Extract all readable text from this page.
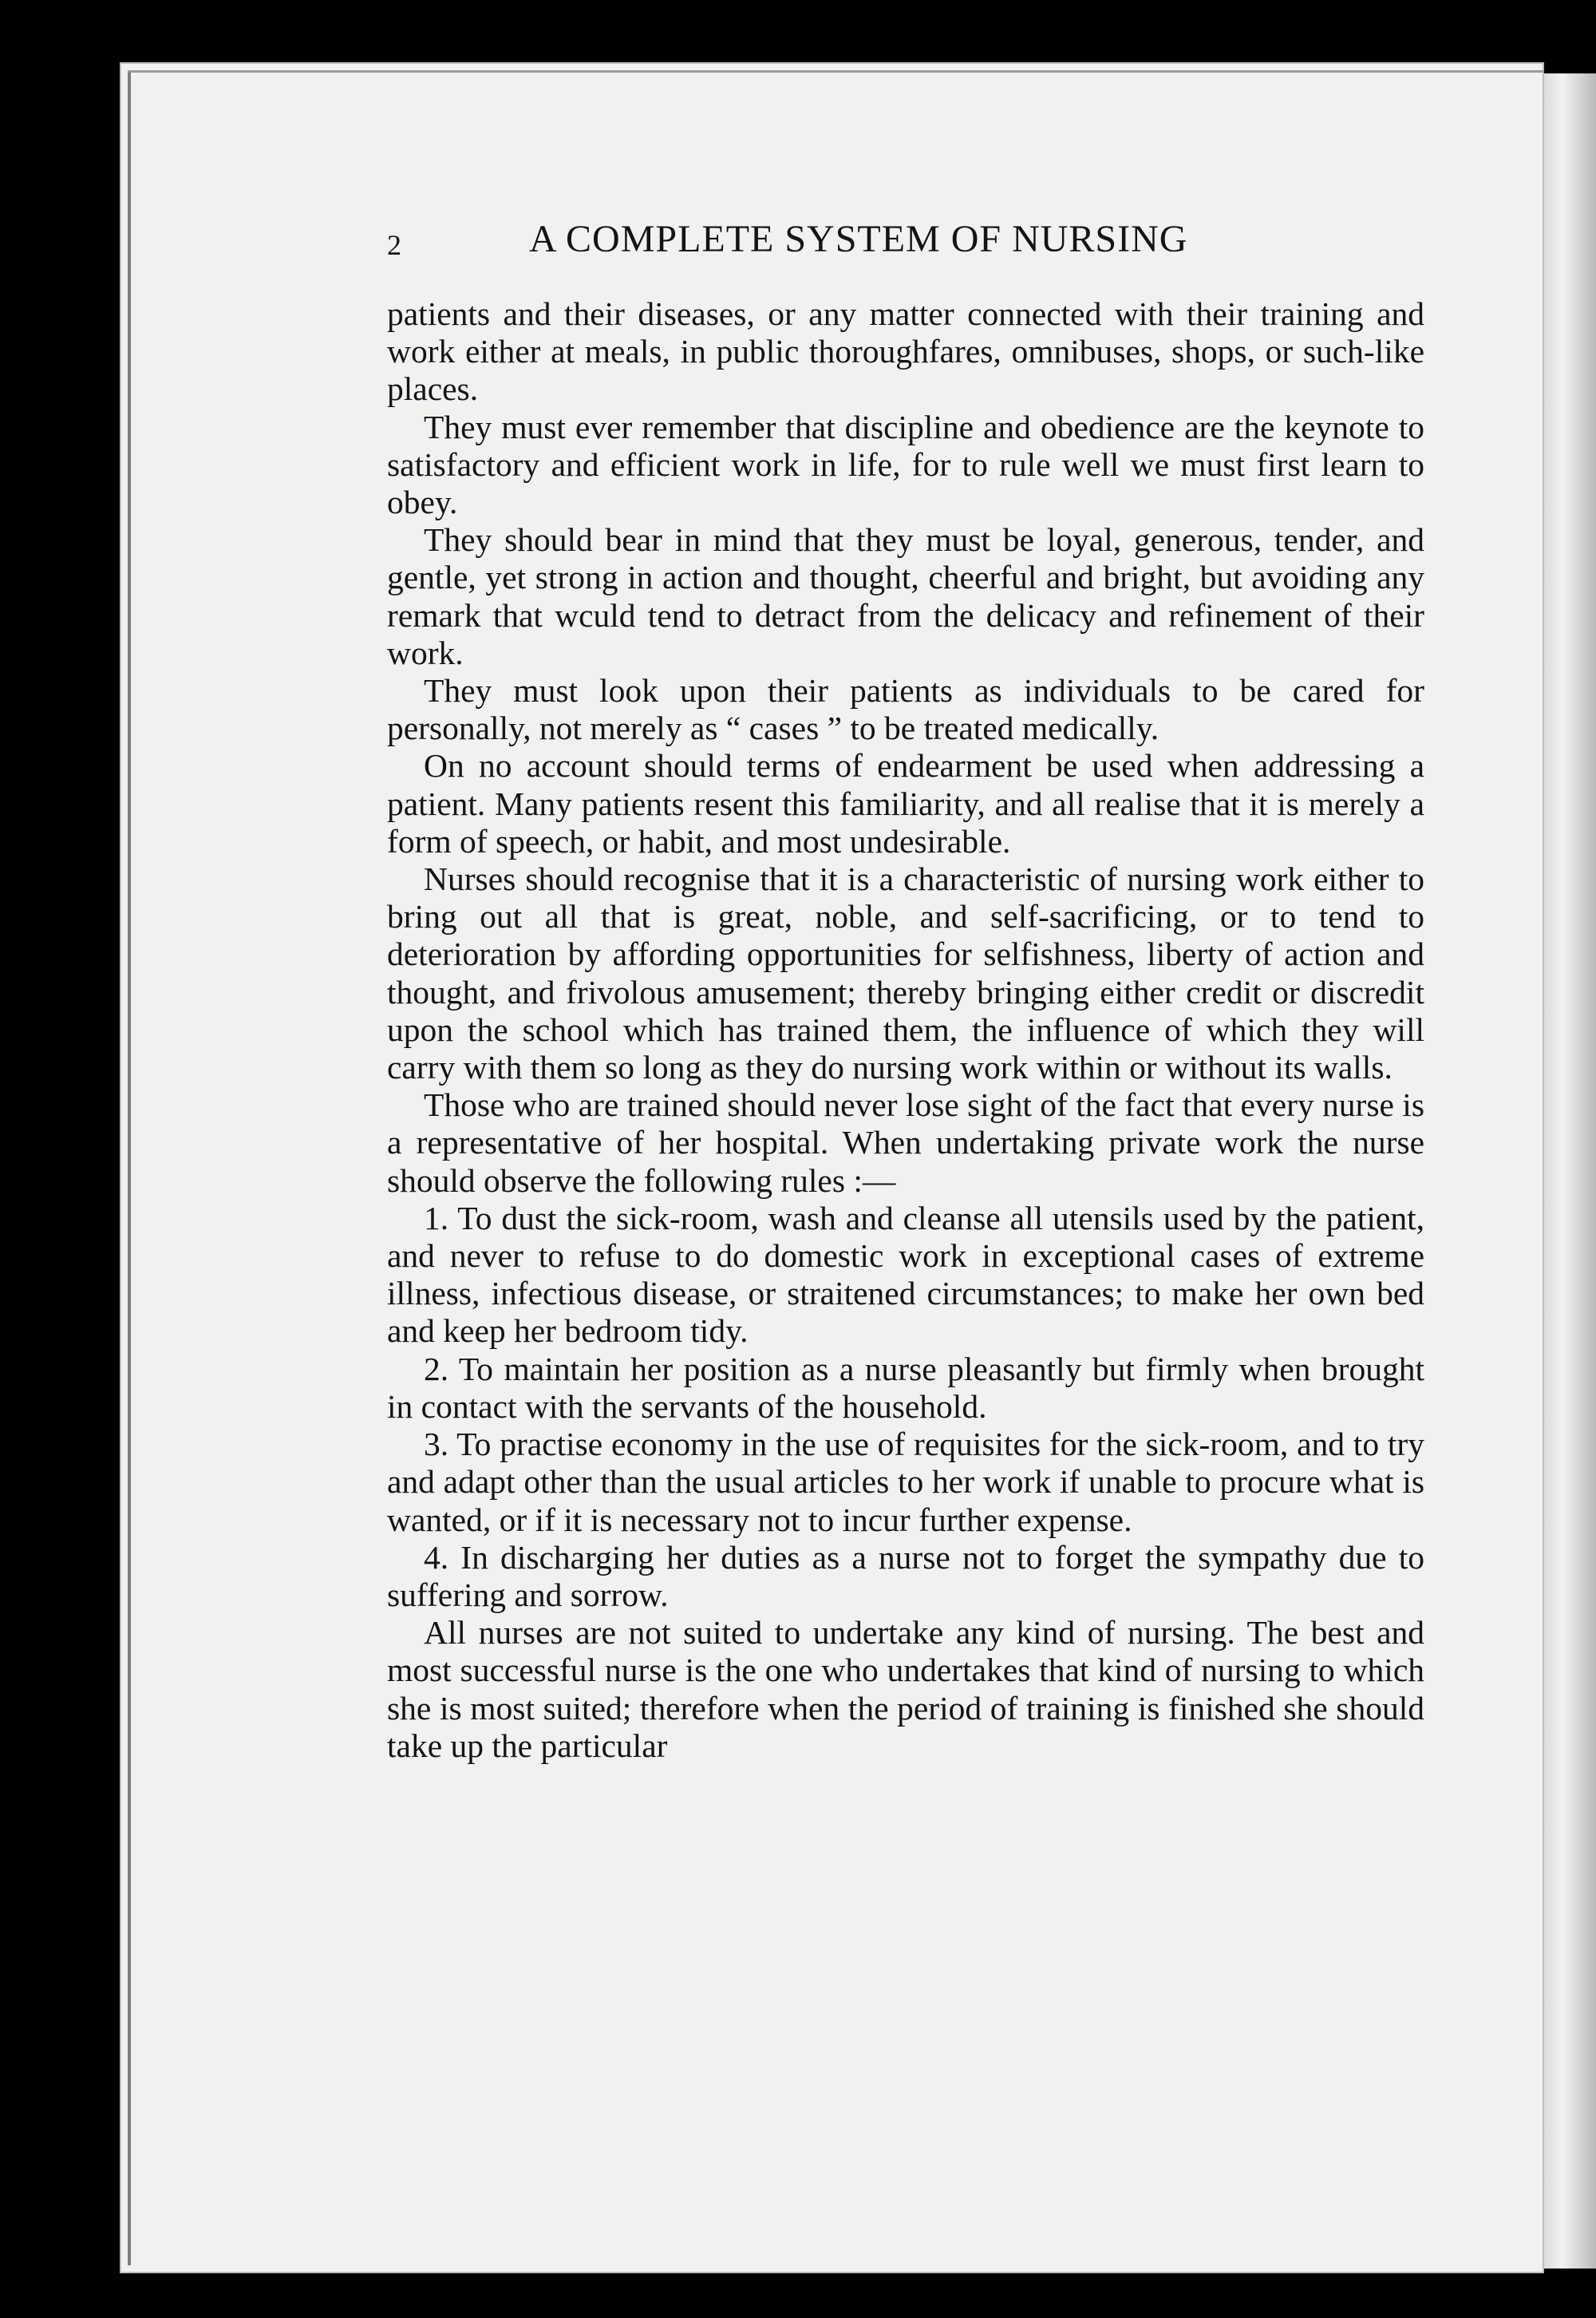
2	A COMPLETE SYSTEM OF NURSING

patients and their diseases, or any matter connected with their training and work either at meals, in public thoroughfares, omnibuses, shops, or such-like places.

They must ever remember that discipline and obedience are the keynote to satisfactory and efficient work in life, for to rule well we must first learn to obey.

They should bear in mind that they must be loyal, generous, tender, and gentle, yet strong in action and thought, cheerful and bright, but avoiding any remark that wculd tend to detract from the delicacy and refinement of their work.

They must look upon their patients as individuals to be cared for personally, not merely as “ cases ” to be treated medically.

On no account should terms of endearment be used when addressing a patient. Many patients resent this familiarity, and all realise that it is merely a form of speech, or habit, and most undesirable.

Nurses should recognise that it is a characteristic of nursing work either to bring out all that is great, noble, and self-sacrificing, or to tend to deterioration by affording opportunities for selfishness, liberty of action and thought, and frivolous amusement; thereby bringing either credit or discredit upon the school which has trained them, the influence of which they will carry with them so long as they do nursing work within or without its walls.

Those who are trained should never lose sight of the fact that every nurse is a representative of her hospital. When undertaking private work the nurse should observe the following rules :—

1. To dust the sick-room, wash and cleanse all utensils used by the patient, and never to refuse to do domestic work in exceptional cases of extreme illness, infectious disease, or straitened circumstances; to make her own bed and keep her bedroom tidy.

2. To maintain her position as a nurse pleasantly but firmly when brought in contact with the servants of the household.

3. To practise economy in the use of requisites for the sick-room, and to try and adapt other than the usual articles to her work if unable to procure what is wanted, or if it is necessary not to incur further expense.

4. In discharging her duties as a nurse not to forget the sympathy due to suffering and sorrow.

All nurses are not suited to undertake any kind of nursing. The best and most successful nurse is the one who undertakes that kind of nursing to which she is most suited; therefore when the period of training is finished she should take up the particular
